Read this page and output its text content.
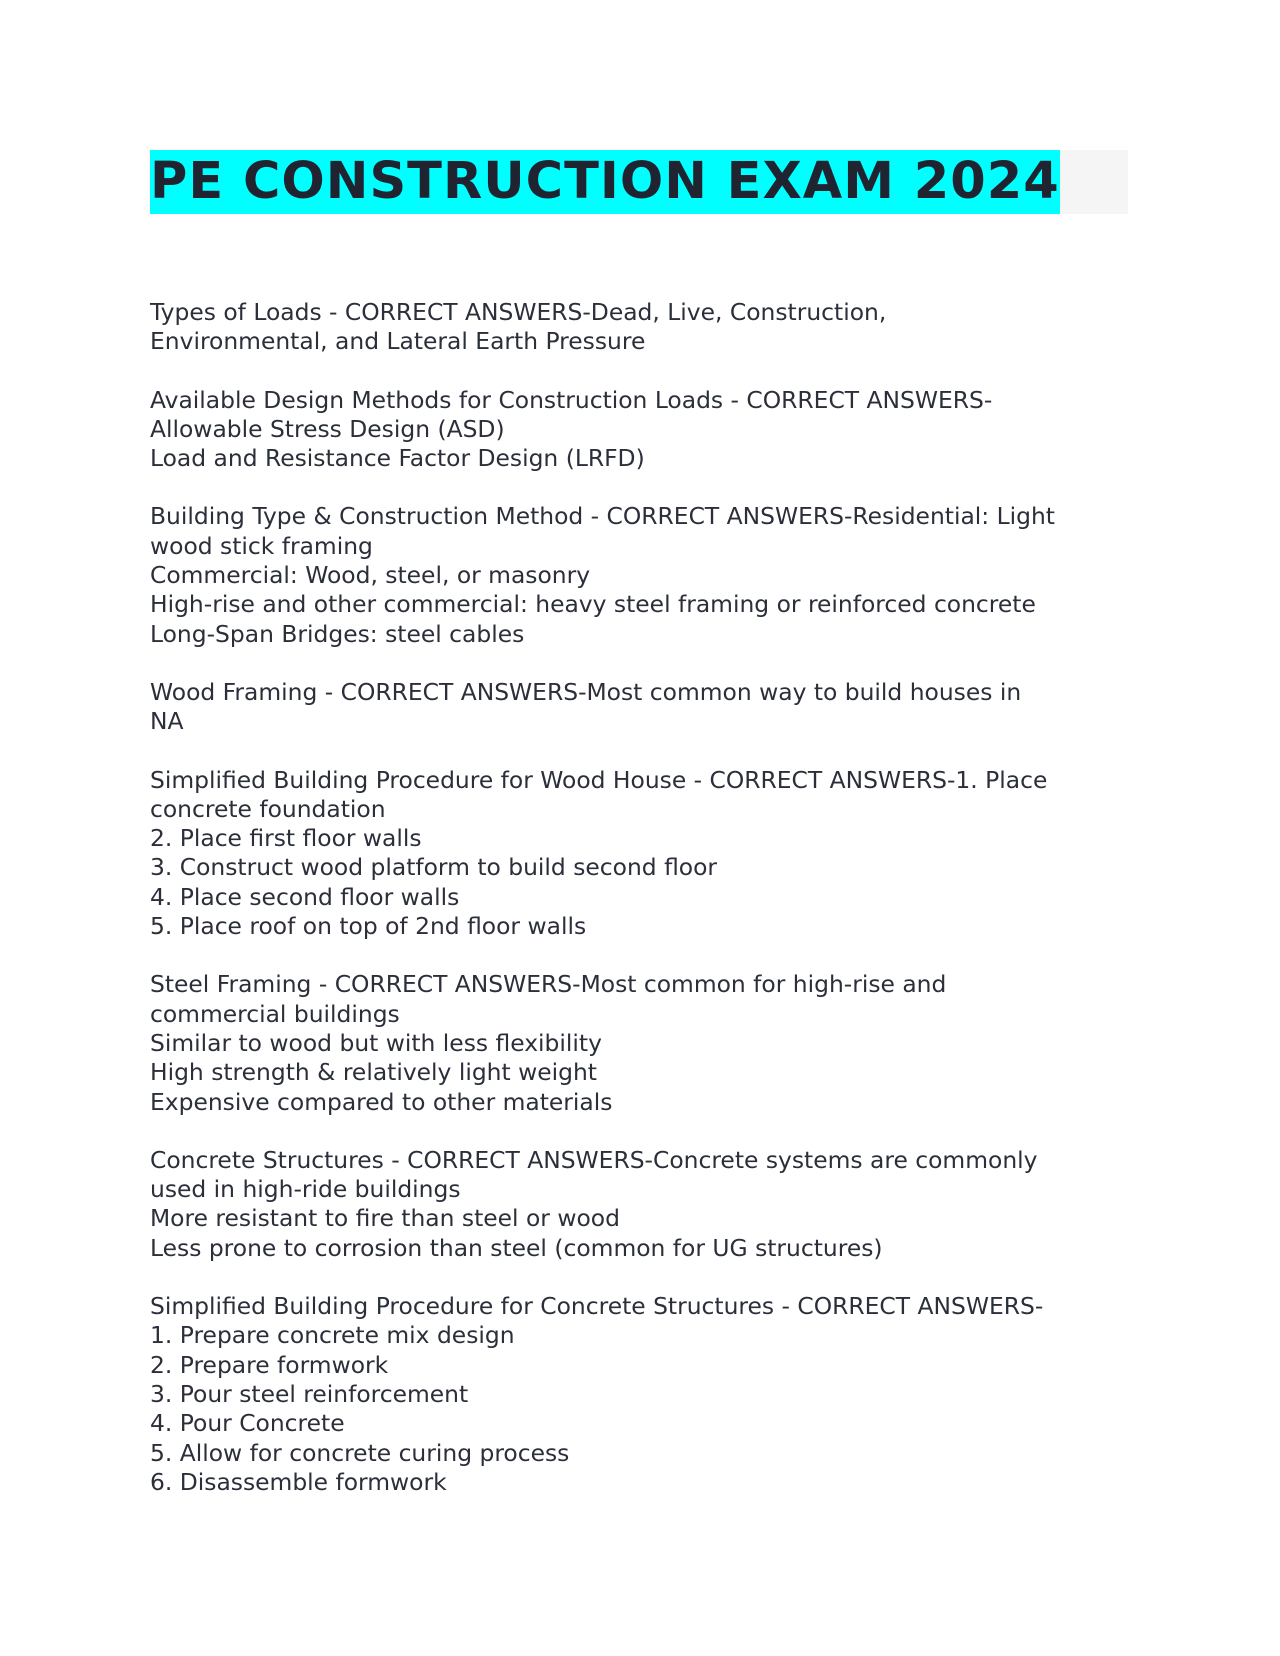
PE CONSTRUCTION EXAM 2024
Types of Loads - CORRECT ANSWERS-Dead, Live, Construction,
Environmental, and Lateral Earth Pressure
Available Design Methods for Construction Loads - CORRECT ANSWERS-
Allowable Stress Design (ASD)
Load and Resistance Factor Design (LRFD)
Building Type & Construction Method - CORRECT ANSWERS-Residential: Light
wood stick framing
Commercial: Wood, steel, or masonry
High-rise and other commercial: heavy steel framing or reinforced concrete
Long-Span Bridges: steel cables
Wood Framing - CORRECT ANSWERS-Most common way to build houses in
NA
Simplified Building Procedure for Wood House - CORRECT ANSWERS-1. Place
concrete foundation
2. Place first floor walls
3. Construct wood platform to build second floor
4. Place second floor walls
5. Place roof on top of 2nd floor walls
Steel Framing - CORRECT ANSWERS-Most common for high-rise and
commercial buildings
Similar to wood but with less flexibility
High strength & relatively light weight
Expensive compared to other materials
Concrete Structures - CORRECT ANSWERS-Concrete systems are commonly
used in high-ride buildings
More resistant to fire than steel or wood
Less prone to corrosion than steel (common for UG structures)
Simplified Building Procedure for Concrete Structures - CORRECT ANSWERS-
1. Prepare concrete mix design
2. Prepare formwork
3. Pour steel reinforcement
4. Pour Concrete
5. Allow for concrete curing process
6. Disassemble formwork
